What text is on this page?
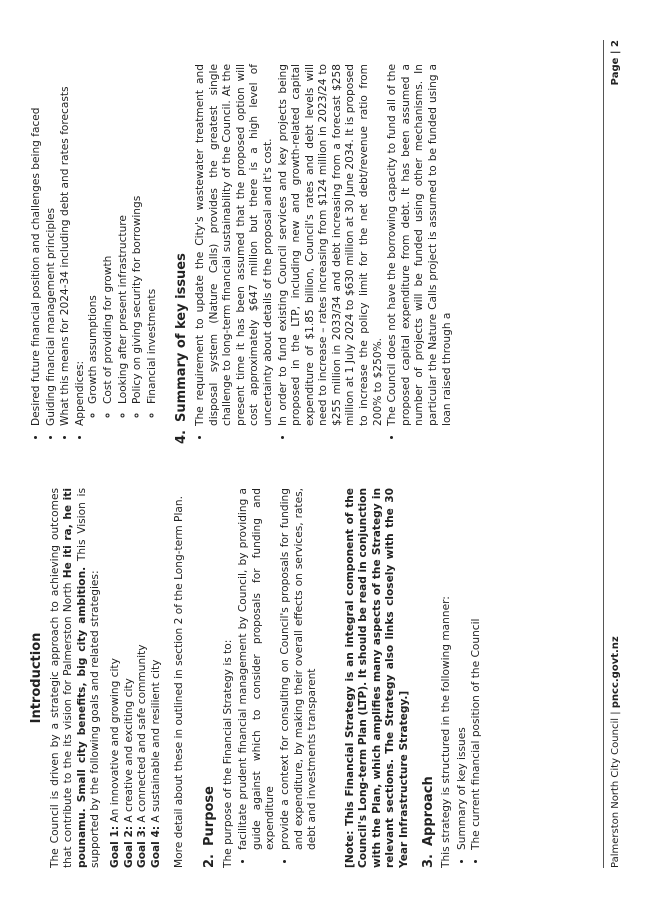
Introduction The Council is driven by a strategic approach to achieving outcomes that contribute to the its vision for Palmerston North He iti ra, he iti pounamu. Small city benefits, big city ambition. This Vision is supported by the following goals and related strategies: Goal 1: An innovative and growing city

Goal 2: A creative and exciting city

Goal 3: A connected and safe community

Goal 4: A sustainable and resilient city More detail about these in outlined in section 2 of the Long-term Plan. 2.Purpose The purpose of the Financial Strategy is to: • facilitate prudent financial management by Council, by providing a guide against which to consider proposals for funding and expenditure • provide a context for consulting on Council's proposals for funding and expenditure, by making their overall effects on services, rates, debt and investments transparent [Note: This Financial Strategy is an integral component of the Council's Long-term Plan (LTP). It should be read in conjunction with the Plan, which amplifies many aspects of the Strategy in relevant sections. The Strategy also links closely with the 30 Year Infrastructure Strategy.] 3.Approach This strategy is structured in the following manner: • Summary of key issues • The current financial position of the Council
• Desired future financial position and challenges being faced • Guiding financial management principles • What this means for 2024-34 including debt and rates forecasts • Appendices: ◦ Growth assumptions ◦ Cost of providing for growth ◦ Looking after present infrastructure ◦ Policy on giving security for borrowings ◦ Financial investments
4.Summary of key issues • The requirement to update the City's wastewater treatment and disposal system (Nature Calls) provides the greatest single challenge to long-term financial sustainability of the Council. At the present time it has been assumed that the proposed option will cost approximately $647 million but there is a high level of uncertainty about details of the proposal and it's cost. • In order to fund existing Council services and key projects being proposed in the LTP, including new and growth-related capital expenditure of $1.85 billion, Council's rates and debt levels will need to increase – rates increasing from $124 million in 2023/24 to $255 million in 2033/34 and debt increasing from a forecast $258 million at 1 July 2024 to $630 million at 30 June 2034. It is proposed to increase the policy limit for the net debt/revenue ratio from 200% to $250%. • The Council does not have the borrowing capacity to fund all of the proposed capital expenditure from debt. It has been assumed a number of projects will be funded using other mechanisms. In particular the Nature Calls project is assumed to be funded using a loan raised through a
Palmerston North City Council | pncc.govt.nz
Page | 2
